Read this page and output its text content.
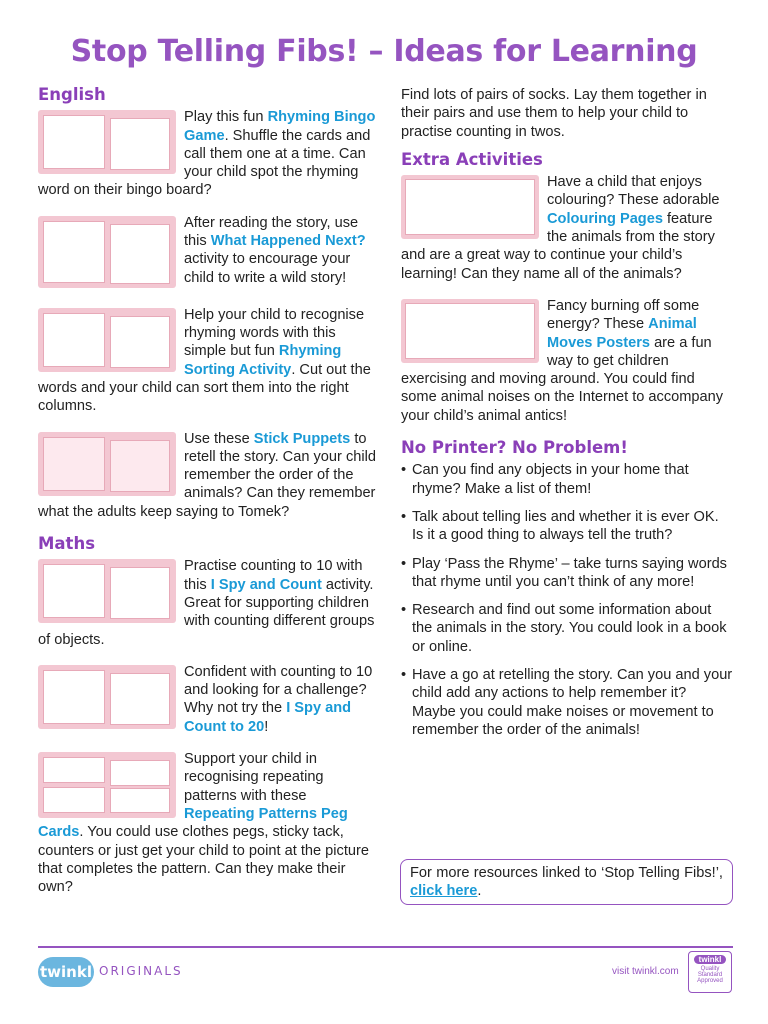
Stop Telling Fibs! – Ideas for Learning
English
Play this fun Rhyming Bingo Game. Shuffle the cards and call them one at a time. Can your child spot the rhyming word on their bingo board?
After reading the story, use this What Happened Next? activity to encourage your child to write a wild story!
Help your child to recognise rhyming words with this simple but fun Rhyming Sorting Activity. Cut out the words and your child can sort them into the right columns.
Use these Stick Puppets to retell the story. Can your child remember the order of the animals? Can they remember what the adults keep saying to Tomek?
Maths
Practise counting to 10 with this I Spy and Count activity. Great for supporting children with counting different groups of objects.
Confident with counting to 10 and looking for a challenge? Why not try the I Spy and Count to 20!
Support your child in recognising repeating patterns with these Repeating Patterns Peg Cards. You could use clothes pegs, sticky tack, counters or just get your child to point at the picture that completes the pattern. Can they make their own?
Find lots of pairs of socks. Lay them together in their pairs and use them to help your child to practise counting in twos.
Extra Activities
Have a child that enjoys colouring? These adorable Colouring Pages feature the animals from the story and are a great way to continue your child’s learning! Can they name all of the animals?
Fancy burning off some energy? These Animal Moves Posters are a fun way to get children exercising and moving around. You could find some animal noises on the Internet to accompany your child’s animal antics!
No Printer? No Problem!
• Can you find any objects in your home that rhyme? Make a list of them!
• Talk about telling lies and whether it is ever OK. Is it a good thing to always tell the truth?
• Play ‘Pass the Rhyme’ – take turns saying words that rhyme until you can’t think of any more!
• Research and find out some information about the animals in the story. You could look in a book or online.
• Have a go at retelling the story. Can you and your child add any actions to help remember it? Maybe you could make noises or movement to remember the order of the animals!
For more resources linked to ‘Stop Telling Fibs!’, click here.
twinkl ORIGINALS	visit twinkl.com
twinkl
Quality Standard Approved
